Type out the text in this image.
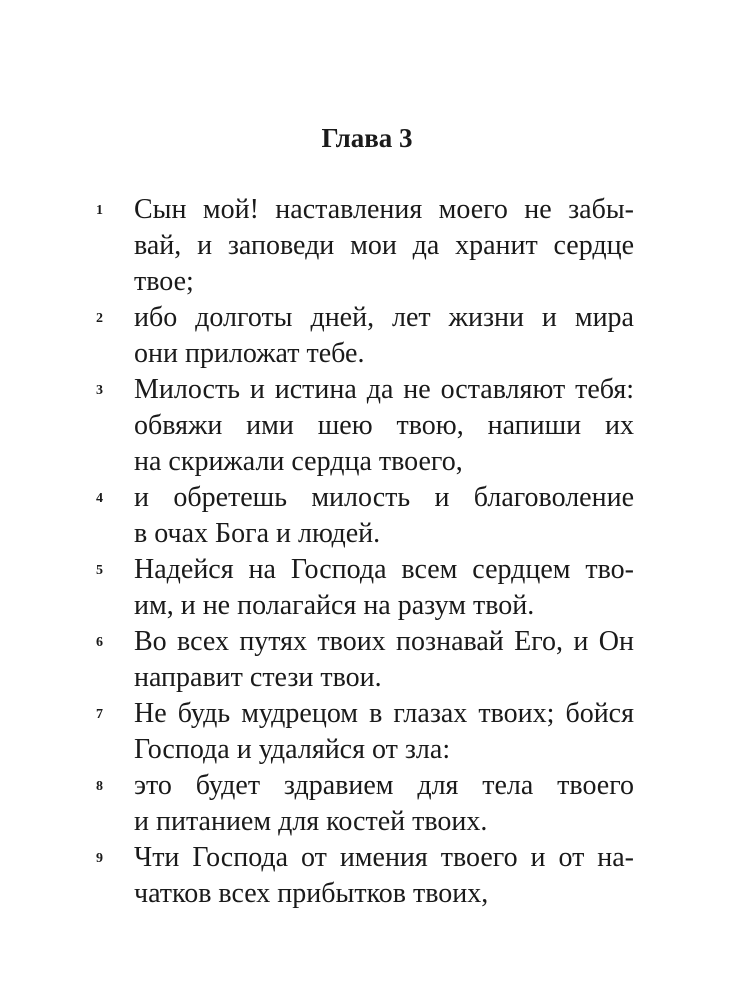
Глава 3
1 Сын мой! наставления моего не забы-
вай, и заповеди мои да хранит сердце
твое;
2 ибо долготы дней, лет жизни и мира
они приложат тебе.
3 Милость и истина да не оставляют тебя:
обвяжи ими шею твою, напиши их
на скрижали сердца твоего,
4 и обретешь милость и благоволение
в очах Бога и людей.
5 Надейся на Господа всем сердцем тво-
им, и не полагайся на разум твой.
6 Во всех путях твоих познавай Его, и Он
направит стези твои.
7 Не будь мудрецом в глазах твоих; бойся
Господа и удаляйся от зла:
8 это будет здравием для тела твоего
и питанием для костей твоих.
9 Чти Господа от имения твоего и от на-
чатков всех прибытков твоих,
